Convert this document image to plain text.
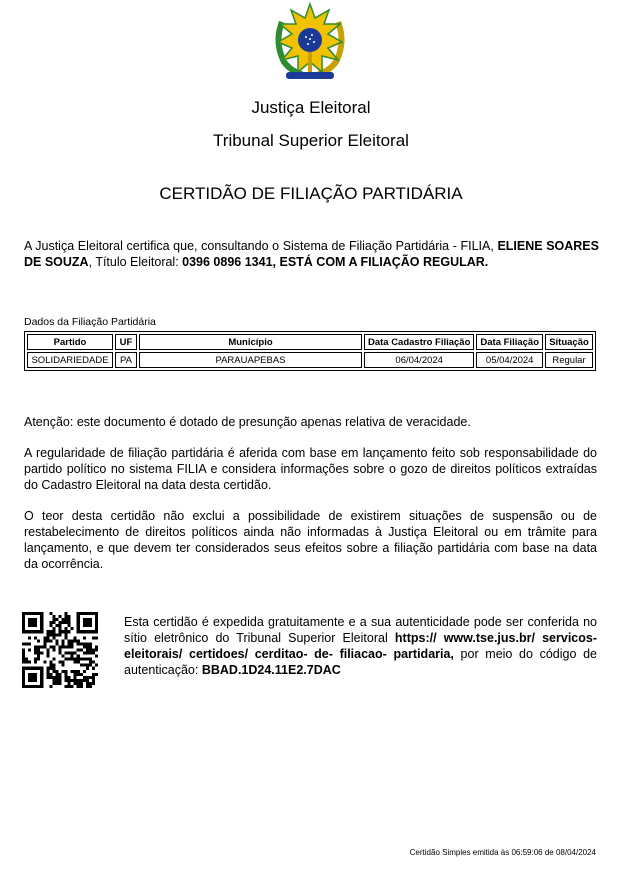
Justiça Eleitoral
Tribunal Superior Eleitoral
CERTIDÃO DE FILIAÇÃO PARTIDÁRIA
A Justiça Eleitoral certifica que, consultando o Sistema de Filiação Partidária - FILIA, ELIENE SOARES DE SOUZA, Título Eleitoral: 0396 0896 1341, ESTÁ COM A FILIAÇÃO REGULAR.
Dados da Filiação Partidária
Partido	UF	Município	Data Cadastro Filiação	Data Filiação	Situação
SOLIDARIEDADE	PA	PARAUAPEBAS	06/04/2024	05/04/2024	Regular
Atenção: este documento é dotado de presunção apenas relativa de veracidade.
A regularidade de filiação partidária é aferida com base em lançamento feito sob responsabilidade do partido político no sistema FILIA e considera informações sobre o gozo de direitos políticos extraídas do Cadastro Eleitoral na data desta certidão.
O teor desta certidão não exclui a possibilidade de existirem situações de suspensão ou de restabelecimento de direitos políticos ainda não informadas à Justiça Eleitoral ou em trâmite para lançamento, e que devem ter considerados seus efeitos sobre a filiação partidária com base na data da ocorrência.
Esta certidão é expedida gratuitamente e a sua autenticidade pode ser conferida no sítio eletrônico do Tribunal Superior Eleitoral https:// www.tse.jus.br/ servicos- eleitorais/ certidoes/ cerditao- de- filiacao- partidaria, por meio do código de autenticação: BBAD.1D24.11E2.7DAC
Certidão Simples emitida às 06:59:06 de 08/04/2024
